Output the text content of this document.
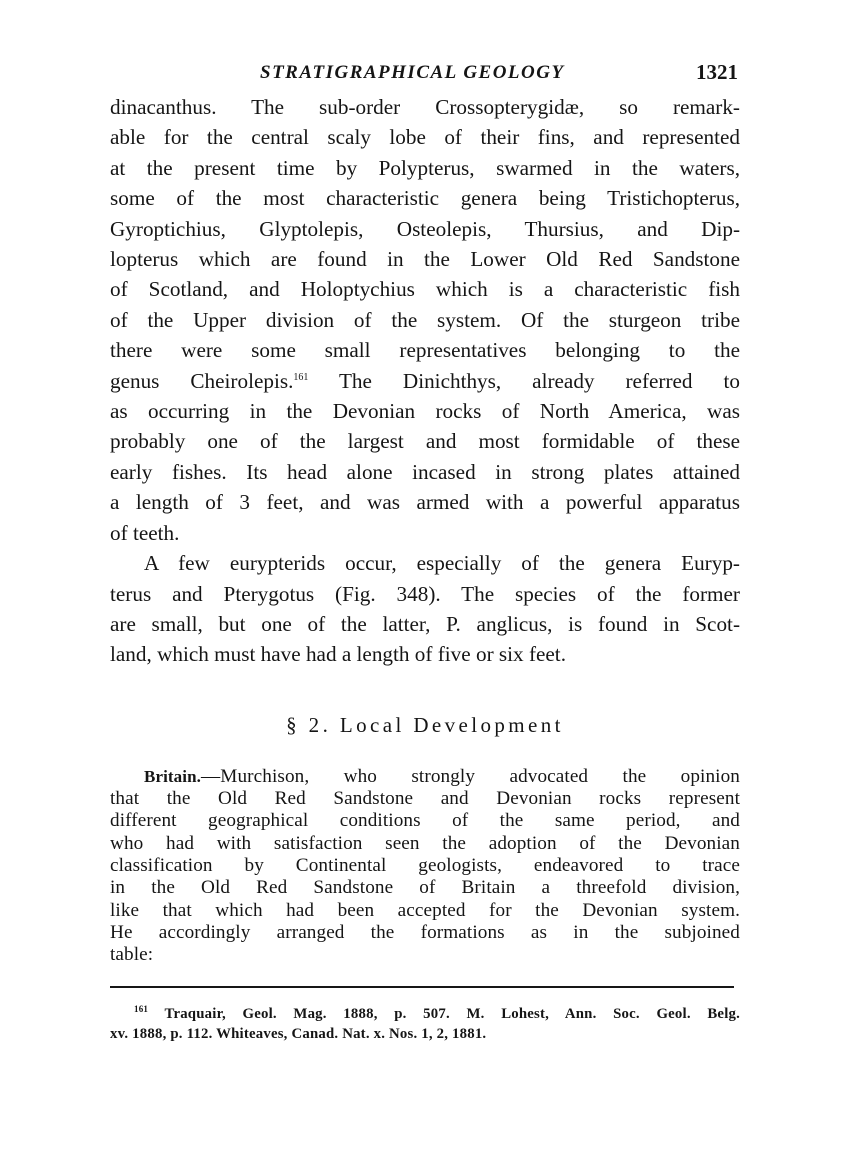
STRATIGRAPHICAL GEOLOGY	1321

dinacanthus. The sub-order Crossopterygidæ, so remark-
able for the central scaly lobe of their fins, and represented
at the present time by Polypterus, swarmed in the waters,
some of the most characteristic genera being Tristichopterus,
Gyroptichius, Glyptolepis, Osteolepis, Thursius, and Dip-
lopterus which are found in the Lower Old Red Sandstone
of Scotland, and Holoptychius which is a characteristic fish
of the Upper division of the system. Of the sturgeon tribe
there were some small representatives belonging to the
genus Cheirolepis.$^{161}$ The Dinichthys, already referred to
as occurring in the Devonian rocks of North America, was
probably one of the largest and most formidable of these
early fishes. Its head alone incased in strong plates attained
a length of 3 feet, and was armed with a powerful apparatus
of teeth.

A few eurypterids occur, especially of the genera Euryp-
terus and Pterygotus (Fig. 348). The species of the former
are small, but one of the latter, P. anglicus, is found in Scot-
land, which must have had a length of five or six feet.

§ 2. Local Development

Britain.—Murchison, who strongly advocated the opinion
that the Old Red Sandstone and Devonian rocks represent
different geographical conditions of the same period, and
who had with satisfaction seen the adoption of the Devonian
classification by Continental geologists, endeavored to trace
in the Old Red Sandstone of Britain a threefold division,
like that which had been accepted for the Devonian system.
He accordingly arranged the formations as in the subjoined
table:

$^{161}$ Traquair, Geol. Mag. 1888, p. 507. M. Lohest, Ann. Soc. Geol. Belg.
xv. 1888, p. 112. Whiteaves, Canad. Nat. x. Nos. 1, 2, 1881.
